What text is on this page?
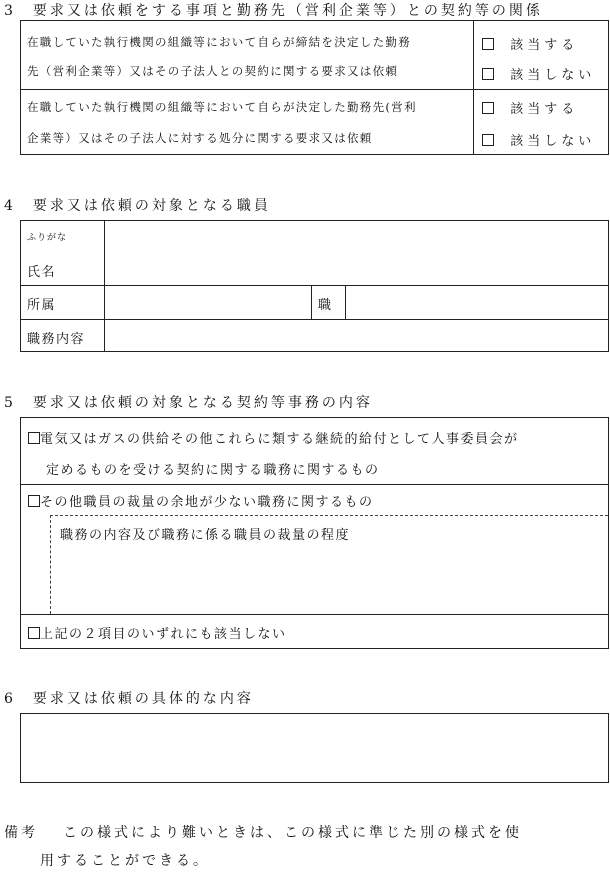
3　要求又は依頼をする事項と勤務先（営利企業等）との契約等の関係
在職していた執行機関の組織等において自らが締結を決定した勤務
先（営利企業等）又はその子法人との契約に関する要求又は依頼
該当する
該当しない
在職していた執行機関の組織等において自らが決定した勤務先(営利
企業等）又はその子法人に対する処分に関する要求又は依頼
該当する
該当しない
4　要求又は依頼の対象となる職員
ふりがな
氏名
所属	職
職務内容
5　要求又は依頼の対象となる契約等事務の内容
電気又はガスの供給その他これらに類する継続的給付として人事委員会が
定めるものを受ける契約に関する職務に関するもの
その他職員の裁量の余地が少ない職務に関するもの
職務の内容及び職務に係る職員の裁量の程度
上記の２項目のいずれにも該当しない
6　要求又は依頼の具体的な内容
備考 この様式により難いときは、この様式に準じた別の様式を使
用することができる。
